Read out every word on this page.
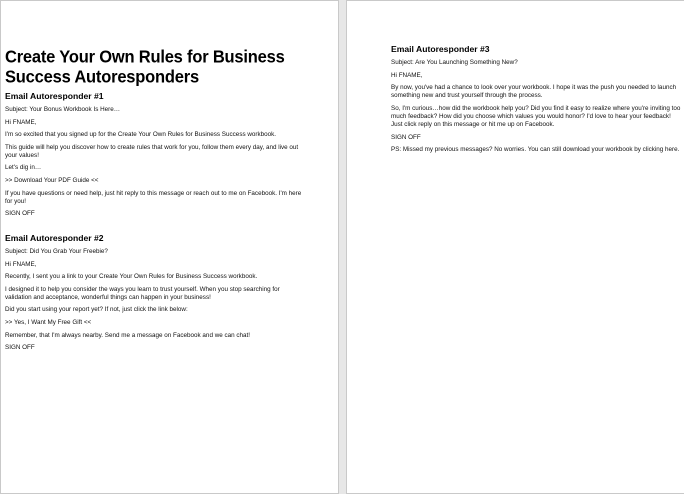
Create Your Own Rules for Business Success Autoresponders
Email Autoresponder #1

Subject: Your Bonus Workbook Is Here…

Hi FNAME,

I'm so excited that you signed up for the Create Your Own Rules for Business Success workbook.

This guide will help you discover how to create rules that work for you, follow them every day, and live out your values!

Let's dig in…

>> Download Your PDF Guide <<

If you have questions or need help, just hit reply to this message or reach out to me on Facebook. I'm here for you!

SIGN OFF

Email Autoresponder #2

Subject: Did You Grab Your Freebie?

Hi FNAME,

Recently, I sent you a link to your Create Your Own Rules for Business Success workbook.

I designed it to help you consider the ways you learn to trust yourself. When you stop searching for validation and acceptance, wonderful things can happen in your business!

Did you start using your report yet? If not, just click the link below:

>> Yes, I Want My Free Gift <<

Remember, that I'm always nearby. Send me a message on Facebook and we can chat!

SIGN OFF

Email Autoresponder #3

Subject: Are You Launching Something New?

Hi FNAME,

By now, you've had a chance to look over your workbook. I hope it was the push you needed to launch something new and trust yourself through the process.

So, I'm curious…how did the workbook help you? Did you find it easy to realize where you're inviting too much feedback? How did you choose which values you would honor? I'd love to hear your feedback! Just click reply on this message or hit me up on Facebook.

SIGN OFF

PS: Missed my previous messages? No worries. You can still download your workbook by clicking here.
